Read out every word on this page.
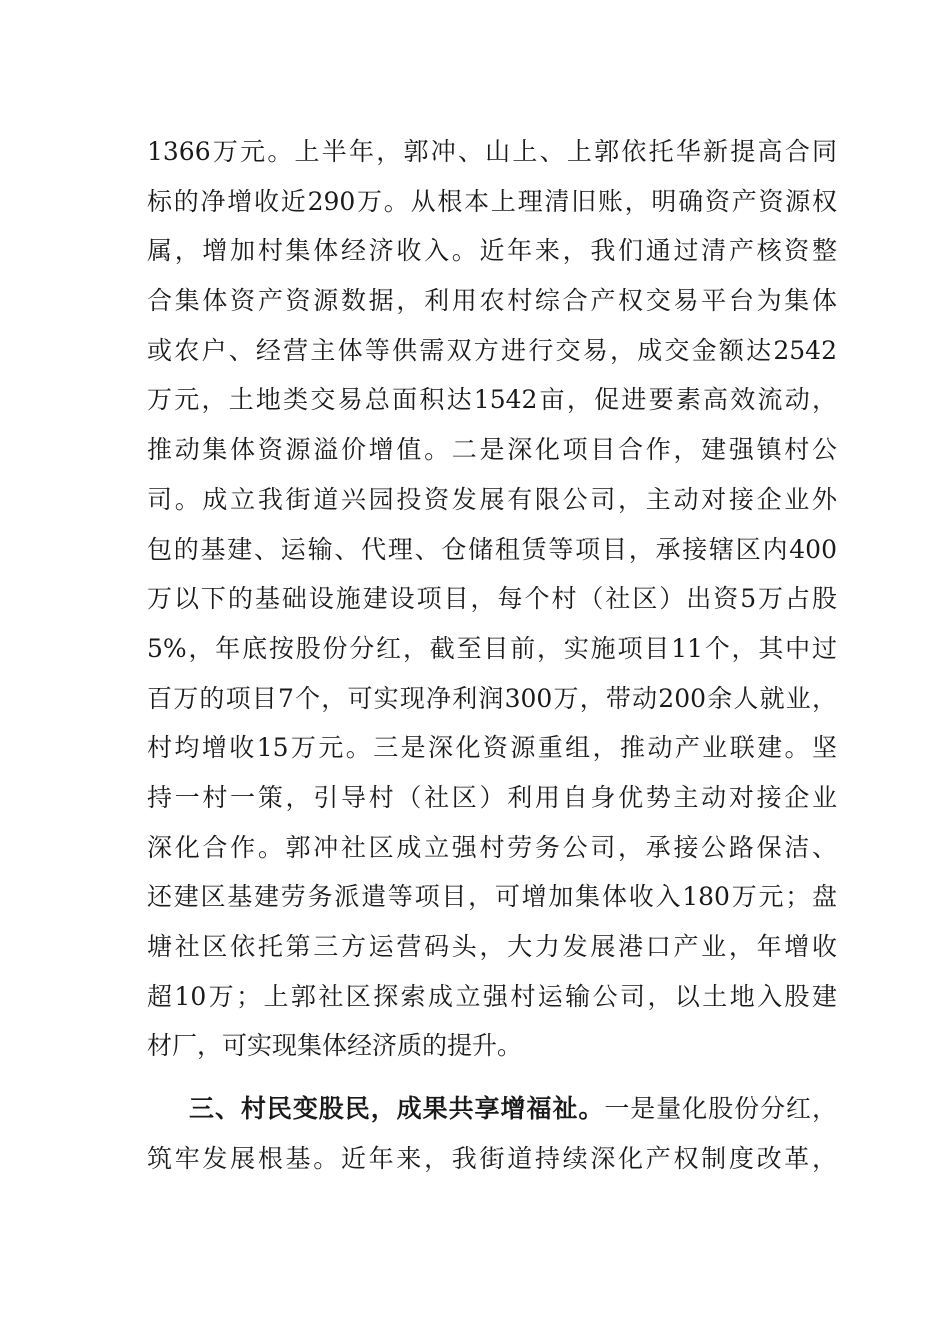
1366万元。上半年，郭冲、山上、上郭依托华新提高合同
标的净增收近290万。从根本上理清旧账，明确资产资源权
属，增加村集体经济收入。近年来，我们通过清产核资整
合集体资产资源数据，利用农村综合产权交易平台为集体
或农户、经营主体等供需双方进行交易，成交金额达2542
万元，土地类交易总面积达1542亩，促进要素高效流动，
推动集体资源溢价增值。二是深化项目合作，建强镇村公
司。成立我街道兴园投资发展有限公司，主动对接企业外
包的基建、运输、代理、仓储租赁等项目，承接辖区内400
万以下的基础设施建设项目，每个村（社区）出资5万占股
5%，年底按股份分红，截至目前，实施项目11个，其中过
百万的项目7个，可实现净利润300万，带动200余人就业，
村均增收15万元。三是深化资源重组，推动产业联建。坚
持一村一策，引导村（社区）利用自身优势主动对接企业
深化合作。郭冲社区成立强村劳务公司，承接公路保洁、
还建区基建劳务派遣等项目，可增加集体收入180万元；盘
塘社区依托第三方运营码头，大力发展港口产业，年增收
超10万；上郭社区探索成立强村运输公司，以土地入股建
材厂，可实现集体经济质的提升。
三、村民变股民，成果共享增福祉。一是量化股份分红，
筑牢发展根基。近年来，我街道持续深化产权制度改革，
